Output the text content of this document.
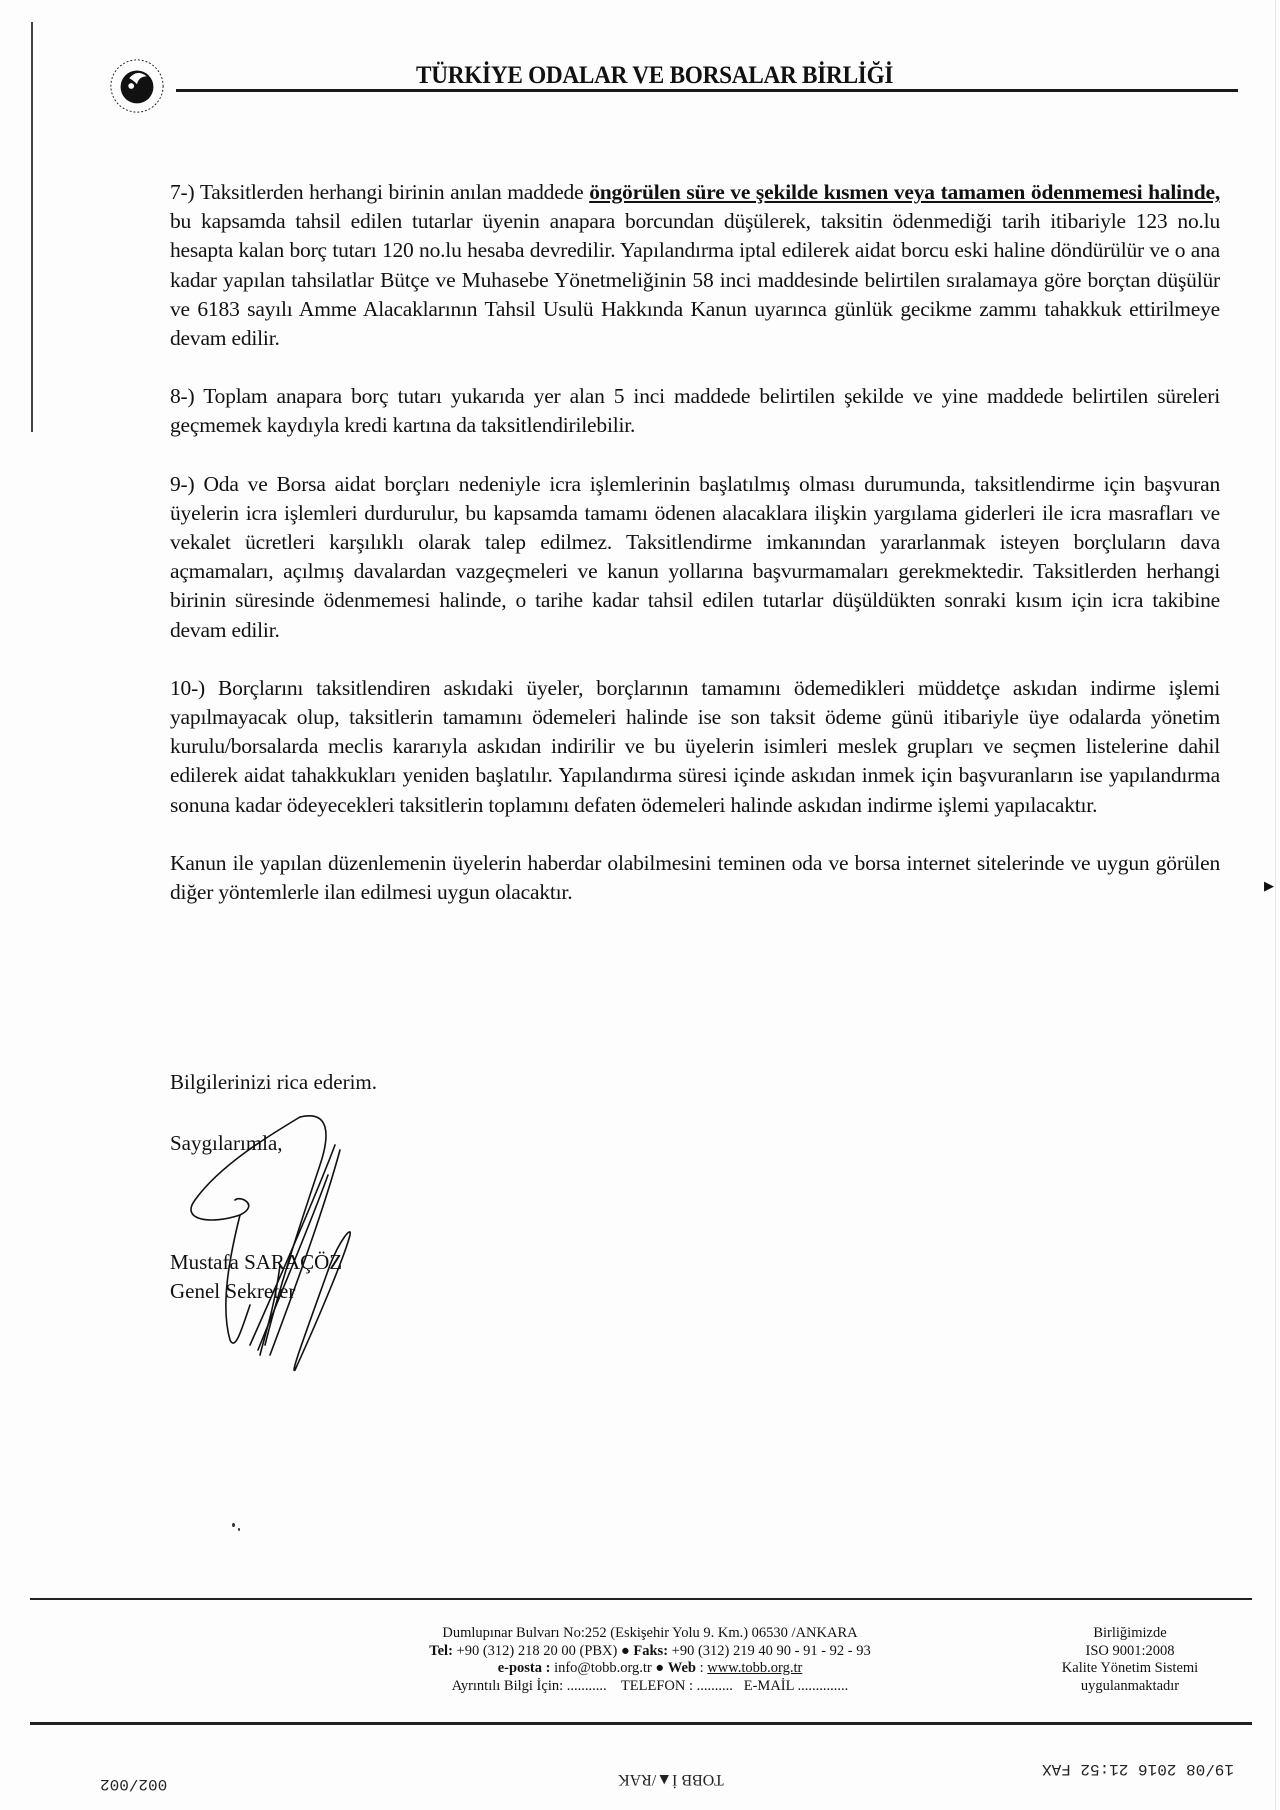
TÜRKİYE ODALAR VE BORSALAR BİRLİĞİ

7-) Taksitlerden herhangi birinin anılan maddede öngörülen süre ve şekilde kısmen veya tamamen ödenmemesi halinde, bu kapsamda tahsil edilen tutarlar üyenin anapara borcundan düşülerek, taksitin ödenmediği tarih itibariyle 123 no.lu hesapta kalan borç tutarı 120 no.lu hesaba devredilir. Yapılandırma iptal edilerek aidat borcu eski haline döndürülür ve o ana kadar yapılan tahsilatlar Bütçe ve Muhasebe Yönetmeliğinin 58 inci maddesinde belirtilen sıralamaya göre borçtan düşülür ve 6183 sayılı Amme Alacaklarının Tahsil Usulü Hakkında Kanun uyarınca günlük gecikme zammı tahakkuk ettirilmeye devam edilir.

8-) Toplam anapara borç tutarı yukarıda yer alan 5 inci maddede belirtilen şekilde ve yine maddede belirtilen süreleri geçmemek kaydıyla kredi kartına da taksitlendirilebilir.

9-) Oda ve Borsa aidat borçları nedeniyle icra işlemlerinin başlatılmış olması durumunda, taksitlendirme için başvuran üyelerin icra işlemleri durdurulur, bu kapsamda tamamı ödenen alacaklara ilişkin yargılama giderleri ile icra masrafları ve vekalet ücretleri karşılıklı olarak talep edilmez. Taksitlendirme imkanından yararlanmak isteyen borçluların dava açmamaları, açılmış davalardan vazgeçmeleri ve kanun yollarına başvurmamaları gerekmektedir. Taksitlerden herhangi birinin süresinde ödenmemesi halinde, o tarihe kadar tahsil edilen tutarlar düşüldükten sonraki kısım için icra takibine devam edilir.

10-) Borçlarını taksitlendiren askıdaki üyeler, borçlarının tamamını ödemedikleri müddetçe askıdan indirme işlemi yapılmayacak olup, taksitlerin tamamını ödemeleri halinde ise son taksit ödeme günü itibariyle üye odalarda yönetim kurulu/borsalarda meclis kararıyla askıdan indirilir ve bu üyelerin isimleri meslek grupları ve seçmen listelerine dahil edilerek aidat tahakkukları yeniden başlatılır. Yapılandırma süresi içinde askıdan inmek için başvuranların ise yapılandırma sonuna kadar ödeyecekleri taksitlerin toplamını defaten ödemeleri halinde askıdan indirme işlemi yapılacaktır.

Kanun ile yapılan düzenlemenin üyelerin haberdar olabilmesini teminen oda ve borsa internet sitelerinde ve uygun görülen diğer yöntemlerle ilan edilmesi uygun olacaktır.

Bilgilerinizi rica ederim.
Saygılarımla,
Mustafa SARAÇÖZ
Genel Sekreter
▶
Dumlupınar Bulvarı No:252 (Eskişehir Yolu 9. Km.) 06530 /ANKARA
Tel: +90 (312) 218 20 00 (PBX) ● Faks: +90 (312) 219 40 90 - 91 - 92 - 93
e-posta : info@tobb.org.tr ● Web : www.tobb.org.tr
Ayrıntılı Bilgi İçin: ........... TELEFON : .......... E-MAİL ..............
Birliğimizde
ISO 9001:2008
Kalite Yönetim Sistemi
uygulanmaktadır
19/08 2016 21:52 FAX
TOBB İ▲/RAK
002/002
